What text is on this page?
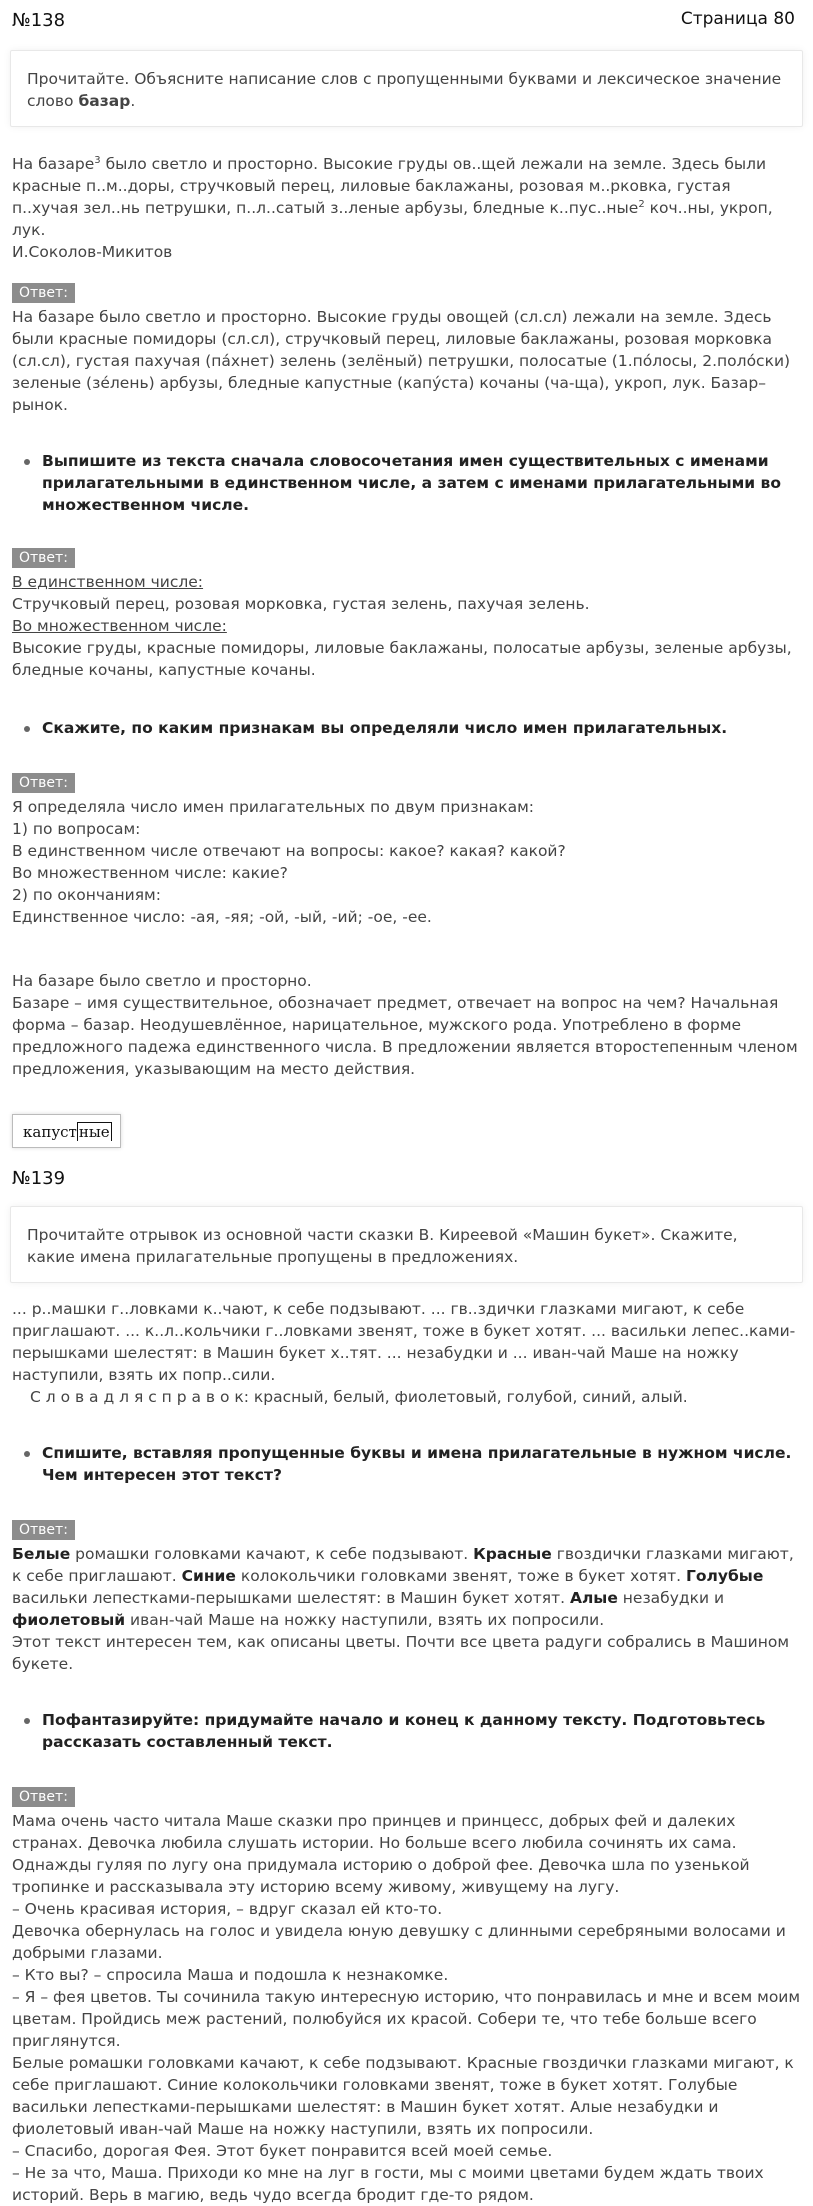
№138	Страница 80
Прочитайте. Объясните написание слов с пропущенными буквами и лексическое значение слово базар.
На базаре$^3$ было светло и просторно. Высокие груды ов..щей лежали на земле. Здесь были красные п..м..доры, стручковый перец, лиловые баклажаны, розовая м..рковка, густая п..хучая зел..нь петрушки, п..л..сатый з..леные арбузы, бледные к..пус..ные$^2$ коч..ны, укроп, лук.
И.Соколов-Микитов
Ответ:
На базаре было светло и просторно. Высокие груды овощей (сл.сл) лежали на земле. Здесь были красные помидоры (сл.сл), стручковый перец, лиловые баклажаны, розовая морковка (сл.сл), густая пахучая (па́хнет) зелень (зелёный) петрушки, полосатые (1.по́лосы, 2.поло́ски) зеленые (зе́лень) арбузы, бледные капустные (капу́ста) кочаны (ча-ща), укроп, лук. Базар–рынок.
Выпишите из текста сначала словосочетания имен существительных с именами прилагательными в единственном числе, а затем с именами прилагательными во множественном числе.
Ответ:
В единственном числе:
Стручковый перец, розовая морковка, густая зелень, пахучая зелень.
Во множественном числе:
Высокие груды, красные помидоры, лиловые баклажаны, полосатые арбузы, зеленые арбузы, бледные кочаны, капустные кочаны.
Скажите, по каким признакам вы определяли число имен прилагательных.
Ответ:
Я определяла число имен прилагательных по двум признакам:
1) по вопросам:
В единственном числе отвечают на вопросы: какое? какая? какой?
Во множественном числе: какие?
2) по окончаниям:
Единственное число: -ая, -яя; -ой, -ый, -ий; -ое, -ее.
На базаре было светло и просторно.
Базаре – имя существительное, обозначает предмет, отвечает на вопрос на чем? Начальная форма – базар. Неодушевлённое, нарицательное, мужского рода. Употреблено в форме предложного падежа единственного числа. В предложении является второстепенным членом предложения, указывающим на место действия.
капуст ные
№139
Прочитайте отрывок из основной части сказки В. Киреевой «Машин букет». Скажите, какие имена прилагательные пропущены в предложениях.
... р..машки г..ловками к..чают, к себе подзывают. ... гв..здички глазками мигают, к себе приглашают. ... к..л..кольчики г..ловками звенят, тоже в букет хотят. ... васильки лепес..ками-перышками шелестят: в Машин букет х..тят. ... незабудки и ... иван-чай Маше на ножку наступили, взять их попр..сили.
С л о в а д л я с п р а в о к: красный, белый, фиолетовый, голубой, синий, алый.
Спишите, вставляя пропущенные буквы и имена прилагательные в нужном числе. Чем интересен этот текст?
Ответ:
Белые ромашки головками качают, к себе подзывают. Красные гвоздички глазками мигают, к себе приглашают. Синие колокольчики головками звенят, тоже в букет хотят. Голубые васильки лепестками-перышками шелестят: в Машин букет хотят. Алые незабудки и фиолетовый иван-чай Маше на ножку наступили, взять их попросили.
Этот текст интересен тем, как описаны цветы. Почти все цвета радуги собрались в Машином букете.
Пофантазируйте: придумайте начало и конец к данному тексту. Подготовьтесь рассказать составленный текст.
Ответ:
Мама очень часто читала Маше сказки про принцев и принцесс, добрых фей и далеких странах. Девочка любила слушать истории. Но больше всего любила сочинять их сама.
Однажды гуляя по лугу она придумала историю о доброй фее. Девочка шла по узенькой тропинке и рассказывала эту историю всему живому, живущему на лугу.
– Очень красивая история, – вдруг сказал ей кто-то.
Девочка обернулась на голос и увидела юную девушку с длинными серебряными волосами и добрыми глазами.
– Кто вы? – спросила Маша и подошла к незнакомке.
– Я – фея цветов. Ты сочинила такую интересную историю, что понравилась и мне и всем моим цветам. Пройдись меж растений, полюбуйся их красой. Собери те, что тебе больше всего приглянутся.
Белые ромашки головками качают, к себе подзывают. Красные гвоздички глазками мигают, к себе приглашают. Синие колокольчики головками звенят, тоже в букет хотят. Голубые васильки лепестками-перышками шелестят: в Машин букет хотят. Алые незабудки и фиолетовый иван-чай Маше на ножку наступили, взять их попросили.
– Спасибо, дорогая Фея. Этот букет понравится всей моей семье.
– Не за что, Маша. Приходи ко мне на луг в гости, мы с моими цветами будем ждать твоих историй. Верь в магию, ведь чудо всегда бродит где-то рядом.
